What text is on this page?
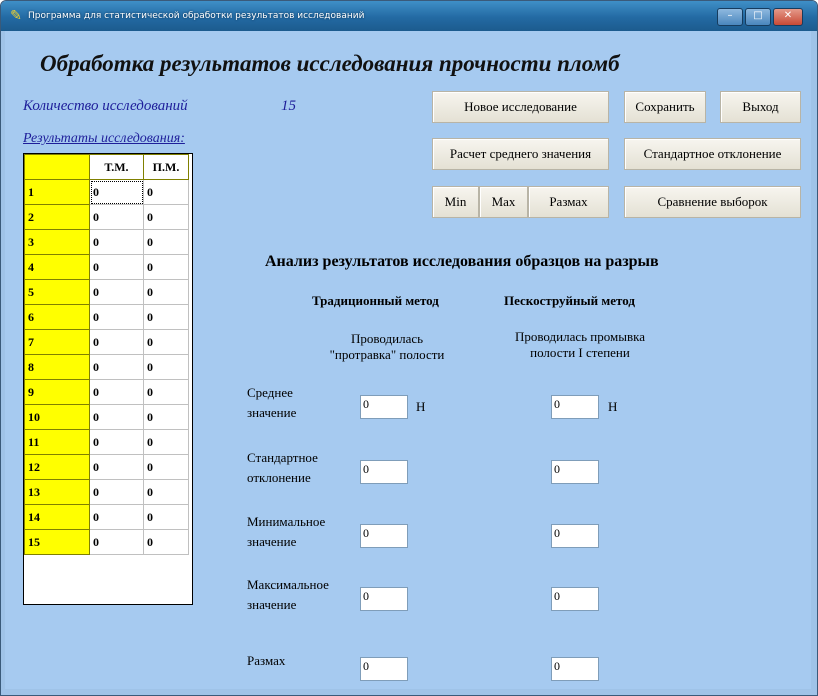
✎ Программа для статистической обработки результатов исследований	–	□	✕
Обработка результатов исследования прочности пломб
Количество исследований	15
Результаты исследования:
Новое исследование	Сохранить	Выход
Расчет среднего значения	Стандартное отклонение
Min	Max	Размах	Сравнение выборок
	Т.М.	П.М.
1	0	0
2	0	0
3	0	0
4	0	0
5	0	0
6	0	0
7	0	0
8	0	0
9	0	0
10	0	0
11	0	0
12	0	0
13	0	0
14	0	0
15	0	0
Анализ результатов исследования образцов на разрыв
Традиционный метод	Пескоструйный метод
Проводилась
"протравка" полости
Проводилась промывка
полости I степени
Среднее
значение
0	0
Н	Н
Стандартное
отклонение
0	0
Минимальное
значение
0	0
Максимальное
значение
0	0
Размах	0	0
